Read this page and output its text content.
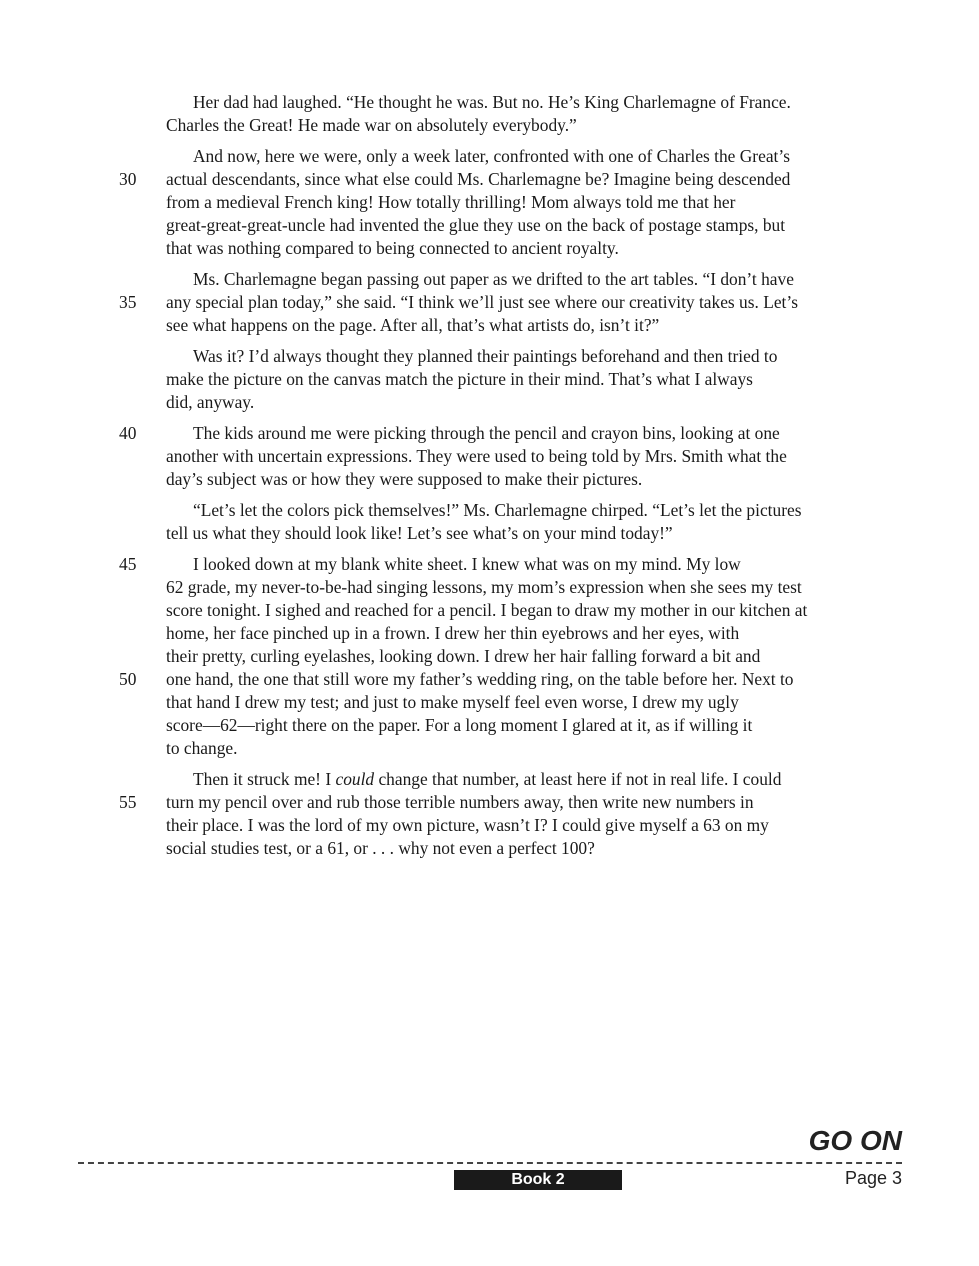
Her dad had laughed. “He thought he was. But no. He’s King Charlemagne of France.
Charles the Great! He made war on absolutely everybody.”
And now, here we were, only a week later, confronted with one of Charles the Great’s
30 actual descendants, since what else could Ms. Charlemagne be? Imagine being descended
from a medieval French king! How totally thrilling! Mom always told me that her
great-great-great-uncle had invented the glue they use on the back of postage stamps, but
that was nothing compared to being connected to ancient royalty.
Ms. Charlemagne began passing out paper as we drifted to the art tables. “I don’t have
35 any special plan today,” she said. “I think we’ll just see where our creativity takes us. Let’s
see what happens on the page. After all, that’s what artists do, isn’t it?”
Was it? I’d always thought they planned their paintings beforehand and then tried to
make the picture on the canvas match the picture in their mind. That’s what I always
did, anyway.
40	The kids around me were picking through the pencil and crayon bins, looking at one
another with uncertain expressions. They were used to being told by Mrs. Smith what the
day’s subject was or how they were supposed to make their pictures.
“Let’s let the colors pick themselves!” Ms. Charlemagne chirped. “Let’s let the pictures
tell us what they should look like! Let’s see what’s on your mind today!”
45	I looked down at my blank white sheet. I knew what was on my mind. My low
62 grade, my never-to-be-had singing lessons, my mom’s expression when she sees my test
score tonight. I sighed and reached for a pencil. I began to draw my mother in our kitchen at
home, her face pinched up in a frown. I drew her thin eyebrows and her eyes, with
their pretty, curling eyelashes, looking down. I drew her hair falling forward a bit and
50 one hand, the one that still wore my father’s wedding ring, on the table before her. Next to
that hand I drew my test; and just to make myself feel even worse, I drew my ugly
score—62—right there on the paper. For a long moment I glared at it, as if willing it
to change.
Then it struck me! I could change that number, at least here if not in real life. I could
55 turn my pencil over and rub those terrible numbers away, then write new numbers in
their place. I was the lord of my own picture, wasn’t I? I could give myself a 63 on my
social studies test, or a 61, or . . . why not even a perfect 100?
GO ON
Book 2	Page 3
